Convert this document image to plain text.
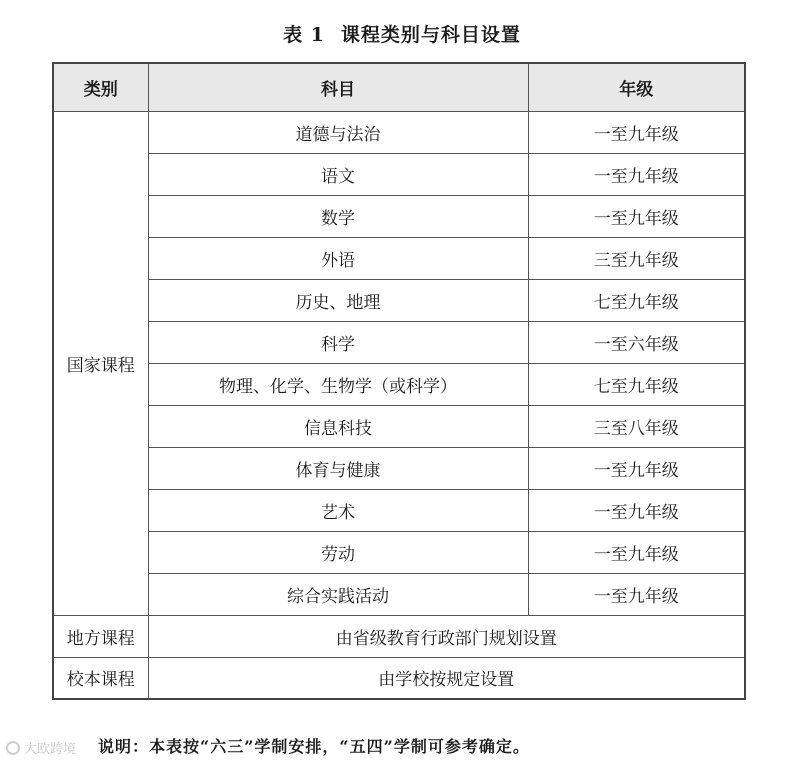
表 1 课程类别与科目设置
类别	科目	年级
国家课程	道德与法治	一至九年级
	语文	一至九年级
	数学	一至九年级
	外语	三至九年级
	历史、地理	七至九年级
	科学	一至六年级
	物理、化学、生物学（或科学）	七至九年级
	信息科技	三至八年级
	体育与健康	一至九年级
	艺术	一至九年级
	劳动	一至九年级
	综合实践活动	一至九年级
地方课程	由省级教育行政部门规划设置	
校本课程	由学校按规定设置	
说明：本表按“六三”学制安排，“五四”学制可参考确定。
大欧跨境
